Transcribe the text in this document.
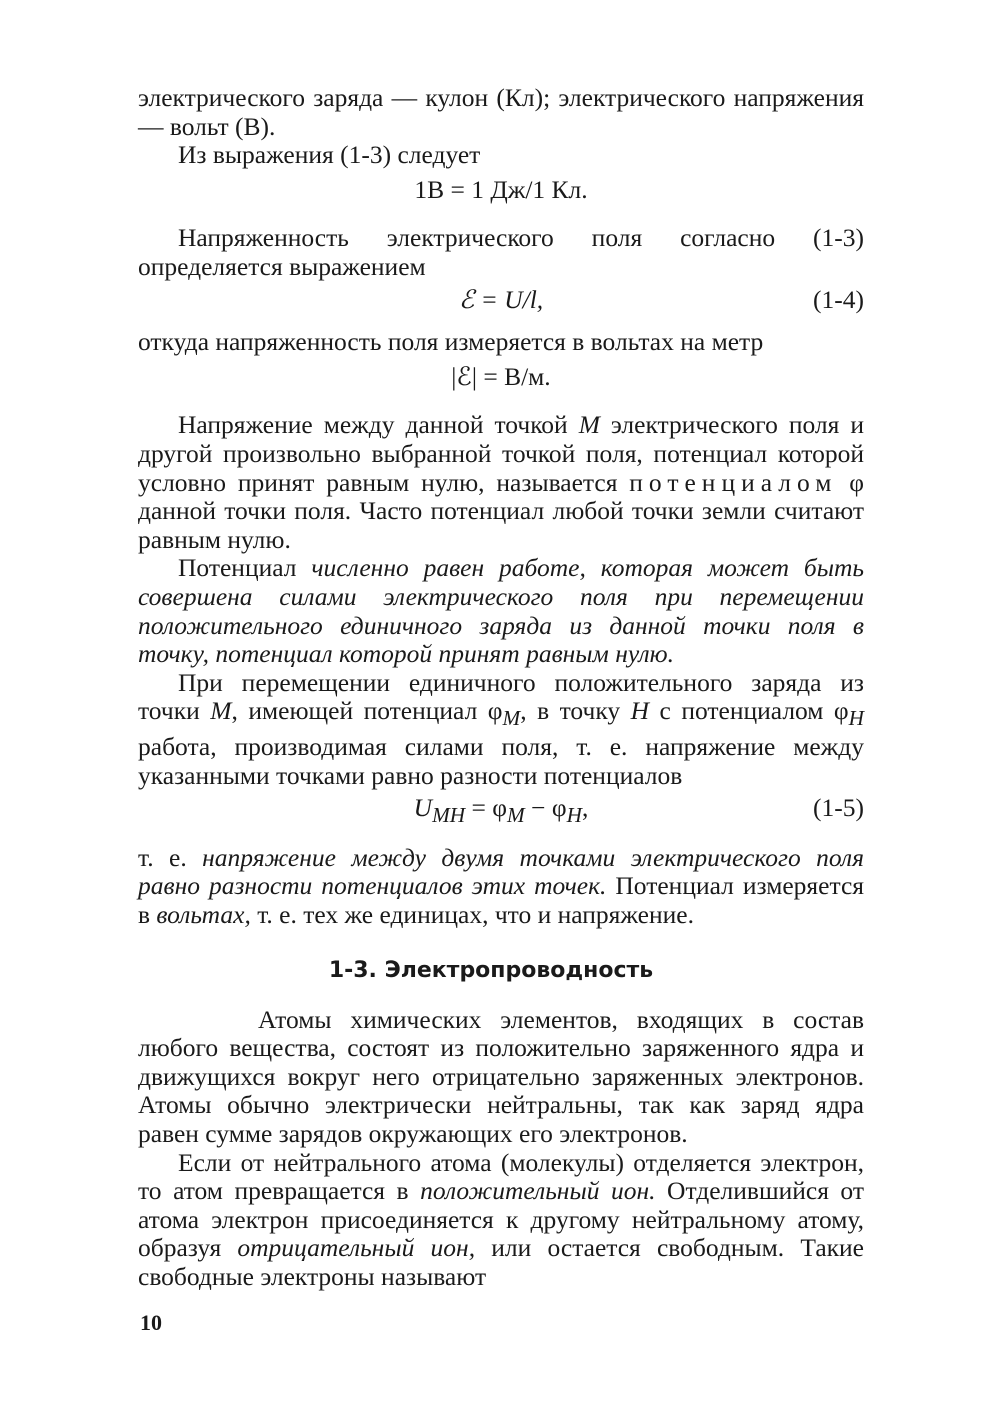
электрического заряда — кулон (Кл); электрического напряжения — вольт (В).

Из выражения (1-3) следует

1В = 1 Дж/1 Кл.

Напряженность электрического поля согласно (1-3) определяется выражением

ℰ = U/l,	(1-4)

откуда напряженность поля измеряется в вольтах на метр

|ℰ| = В/м.

Напряжение между данной точкой М электрического поля и другой произвольно выбранной точкой поля, потенциал которой условно принят равным нулю, называется потенциалом φ данной точки поля. Часто потенциал любой точки земли считают равным нулю.

Потенциал численно равен работе, которая может быть совершена силами электрического поля при перемещении положительного единичного заряда из данной точки поля в точку, потенциал которой принят равным нулю.

При перемещении единичного положительного заряда из точки М, имеющей потенциал $\varphi_М$, в точку Н с потенциалом $\varphi_Н$ работа, производимая силами поля, т. е. напряжение между указанными точками равно разности потенциалов

$U_{МН} = \varphi_М - \varphi_Н$,	(1-5)

т. е. напряжение между двумя точками электрического поля равно разности потенциалов этих точек. Потенциал измеряется в вольтах, т. е. тех же единицах, что и напряжение.

1-3. Электропроводность

Атомы химических элементов, входящих в состав любого вещества, состоят из положительно заряженного ядра и движущихся вокруг него отрицательно заряженных электронов. Атомы обычно электрически нейтральны, так как заряд ядра равен сумме зарядов окружающих его электронов.

Если от нейтрального атома (молекулы) отделяется электрон, то атом превращается в положительный ион. Отделившийся от атома электрон присоединяется к другому нейтральному атому, образуя отрицательный ион, или остается свободным. Такие свободные электроны называют

10
